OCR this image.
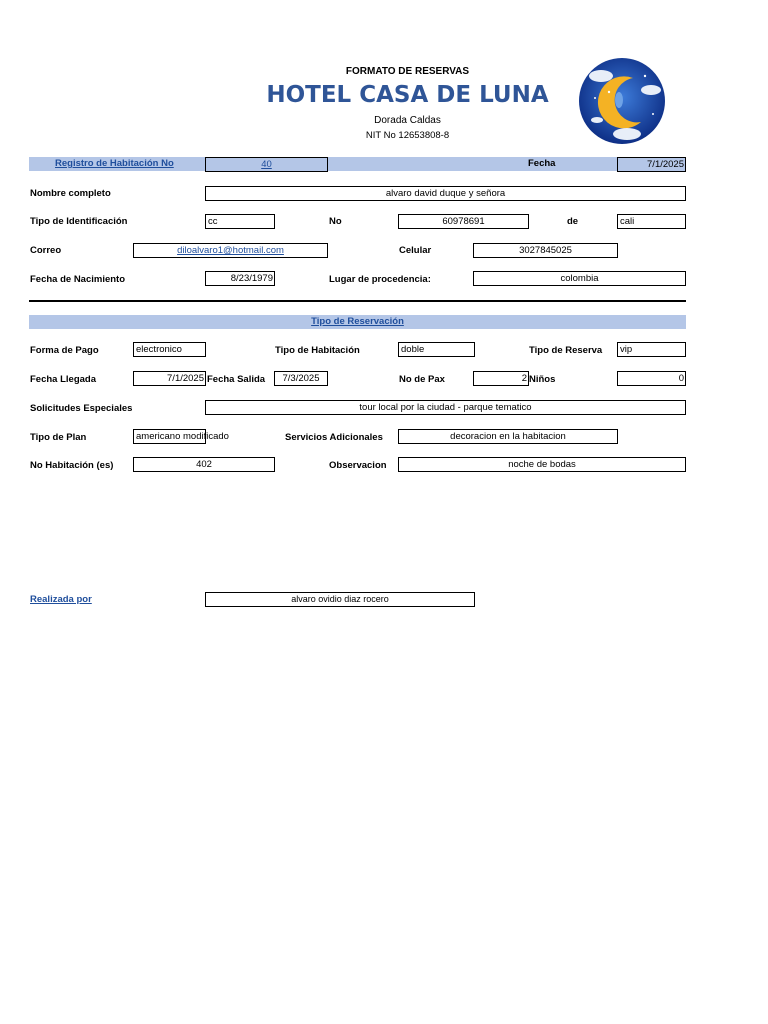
FORMATO DE RESERVAS
HOTEL CASA DE LUNA
Dorada Caldas
NIT No 12653808-8
Registro de Habitación No	40	Fecha	7/1/2025
Nombre completo	alvaro david duque y señora
Tipo de Identificación	cc	No	60978691	de	cali
Correo	diloalvaro1@hotmail.com	Celular	3027845025
Fecha de Nacimiento	8/23/1979	Lugar de procedencia:	colombia
Tipo de Reservación
Forma de Pago	electronico	Tipo de Habitación	doble	Tipo de Reserva	vip
Fecha Llegada	7/1/2025 Fecha Salida	7/3/2025	No de Pax	2 Niños	0
Solicitudes Especiales	tour local por la ciudad - parque tematico
Tipo de Plan	americano modificado	Servicios Adicionales	decoracion en la habitacion
No Habitación (es)	402	Observacion	noche de bodas
Realizada por	alvaro ovidio diaz rocero
